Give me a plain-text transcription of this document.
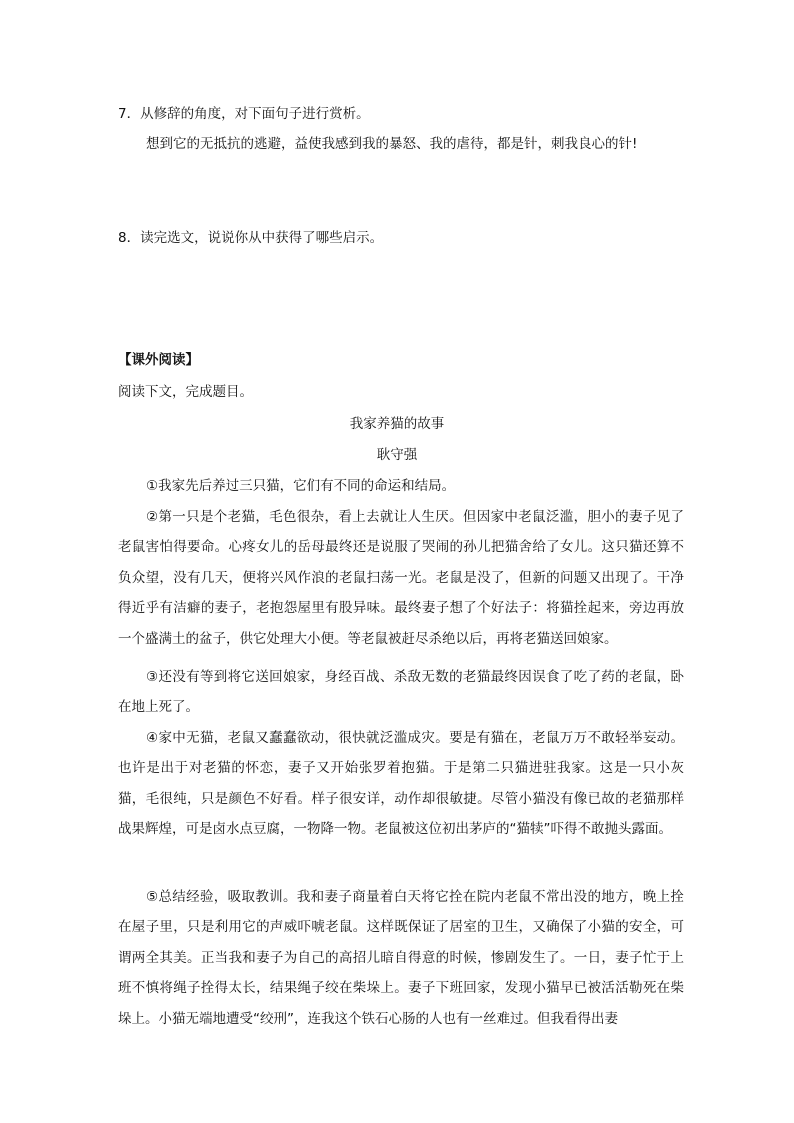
7．从修辞的角度，对下面句子进行赏析。
想到它的无抵抗的逃避，益使我感到我的暴怒、我的虐待，都是针，刺我良心的针!
8．读完选文，说说你从中获得了哪些启示。
【课外阅读】
阅读下文，完成题目。
我家养猫的故事
耿守强
①我家先后养过三只猫，它们有不同的命运和结局。
②第一只是个老猫，毛色很杂，看上去就让人生厌。但因家中老鼠泛滥，胆小的妻子见了老鼠害怕得要命。心疼女儿的岳母最终还是说服了哭闹的孙儿把猫舍给了女儿。这只猫还算不负众望，没有几天，便将兴风作浪的老鼠扫荡一光。老鼠是没了，但新的问题又出现了。干净得近乎有洁癖的妻子，老抱怨屋里有股异味。最终妻子想了个好法子：将猫拴起来，旁边再放一个盛满土的盆子，供它处理大小便。等老鼠被赶尽杀绝以后，再将老猫送回娘家。
③还没有等到将它送回娘家，身经百战、杀敌无数的老猫最终因误食了吃了药的老鼠，卧在地上死了。
④家中无猫，老鼠又蠢蠢欲动，很快就泛滥成灾。要是有猫在，老鼠万万不敢轻举妄动。也许是出于对老猫的怀恋，妻子又开始张罗着抱猫。于是第二只猫进驻我家。这是一只小灰猫，毛很纯，只是颜色不好看。样子很安详，动作却很敏捷。尽管小猫没有像已故的老猫那样战果辉煌，可是卤水点豆腐，一物降一物。老鼠被这位初出茅庐的“猫犊”吓得不敢抛头露面。
⑤总结经验，吸取教训。我和妻子商量着白天将它拴在院内老鼠不常出没的地方，晚上拴在屋子里，只是利用它的声威吓唬老鼠。这样既保证了居室的卫生，又确保了小猫的安全，可谓两全其美。正当我和妻子为自己的高招儿暗自得意的时候，惨剧发生了。一日，妻子忙于上班不慎将绳子拴得太长，结果绳子绞在柴垛上。妻子下班回家，发现小猫早已被活活勒死在柴垛上。小猫无端地遭受“绞刑”，连我这个铁石心肠的人也有一丝难过。但我看得出妻
